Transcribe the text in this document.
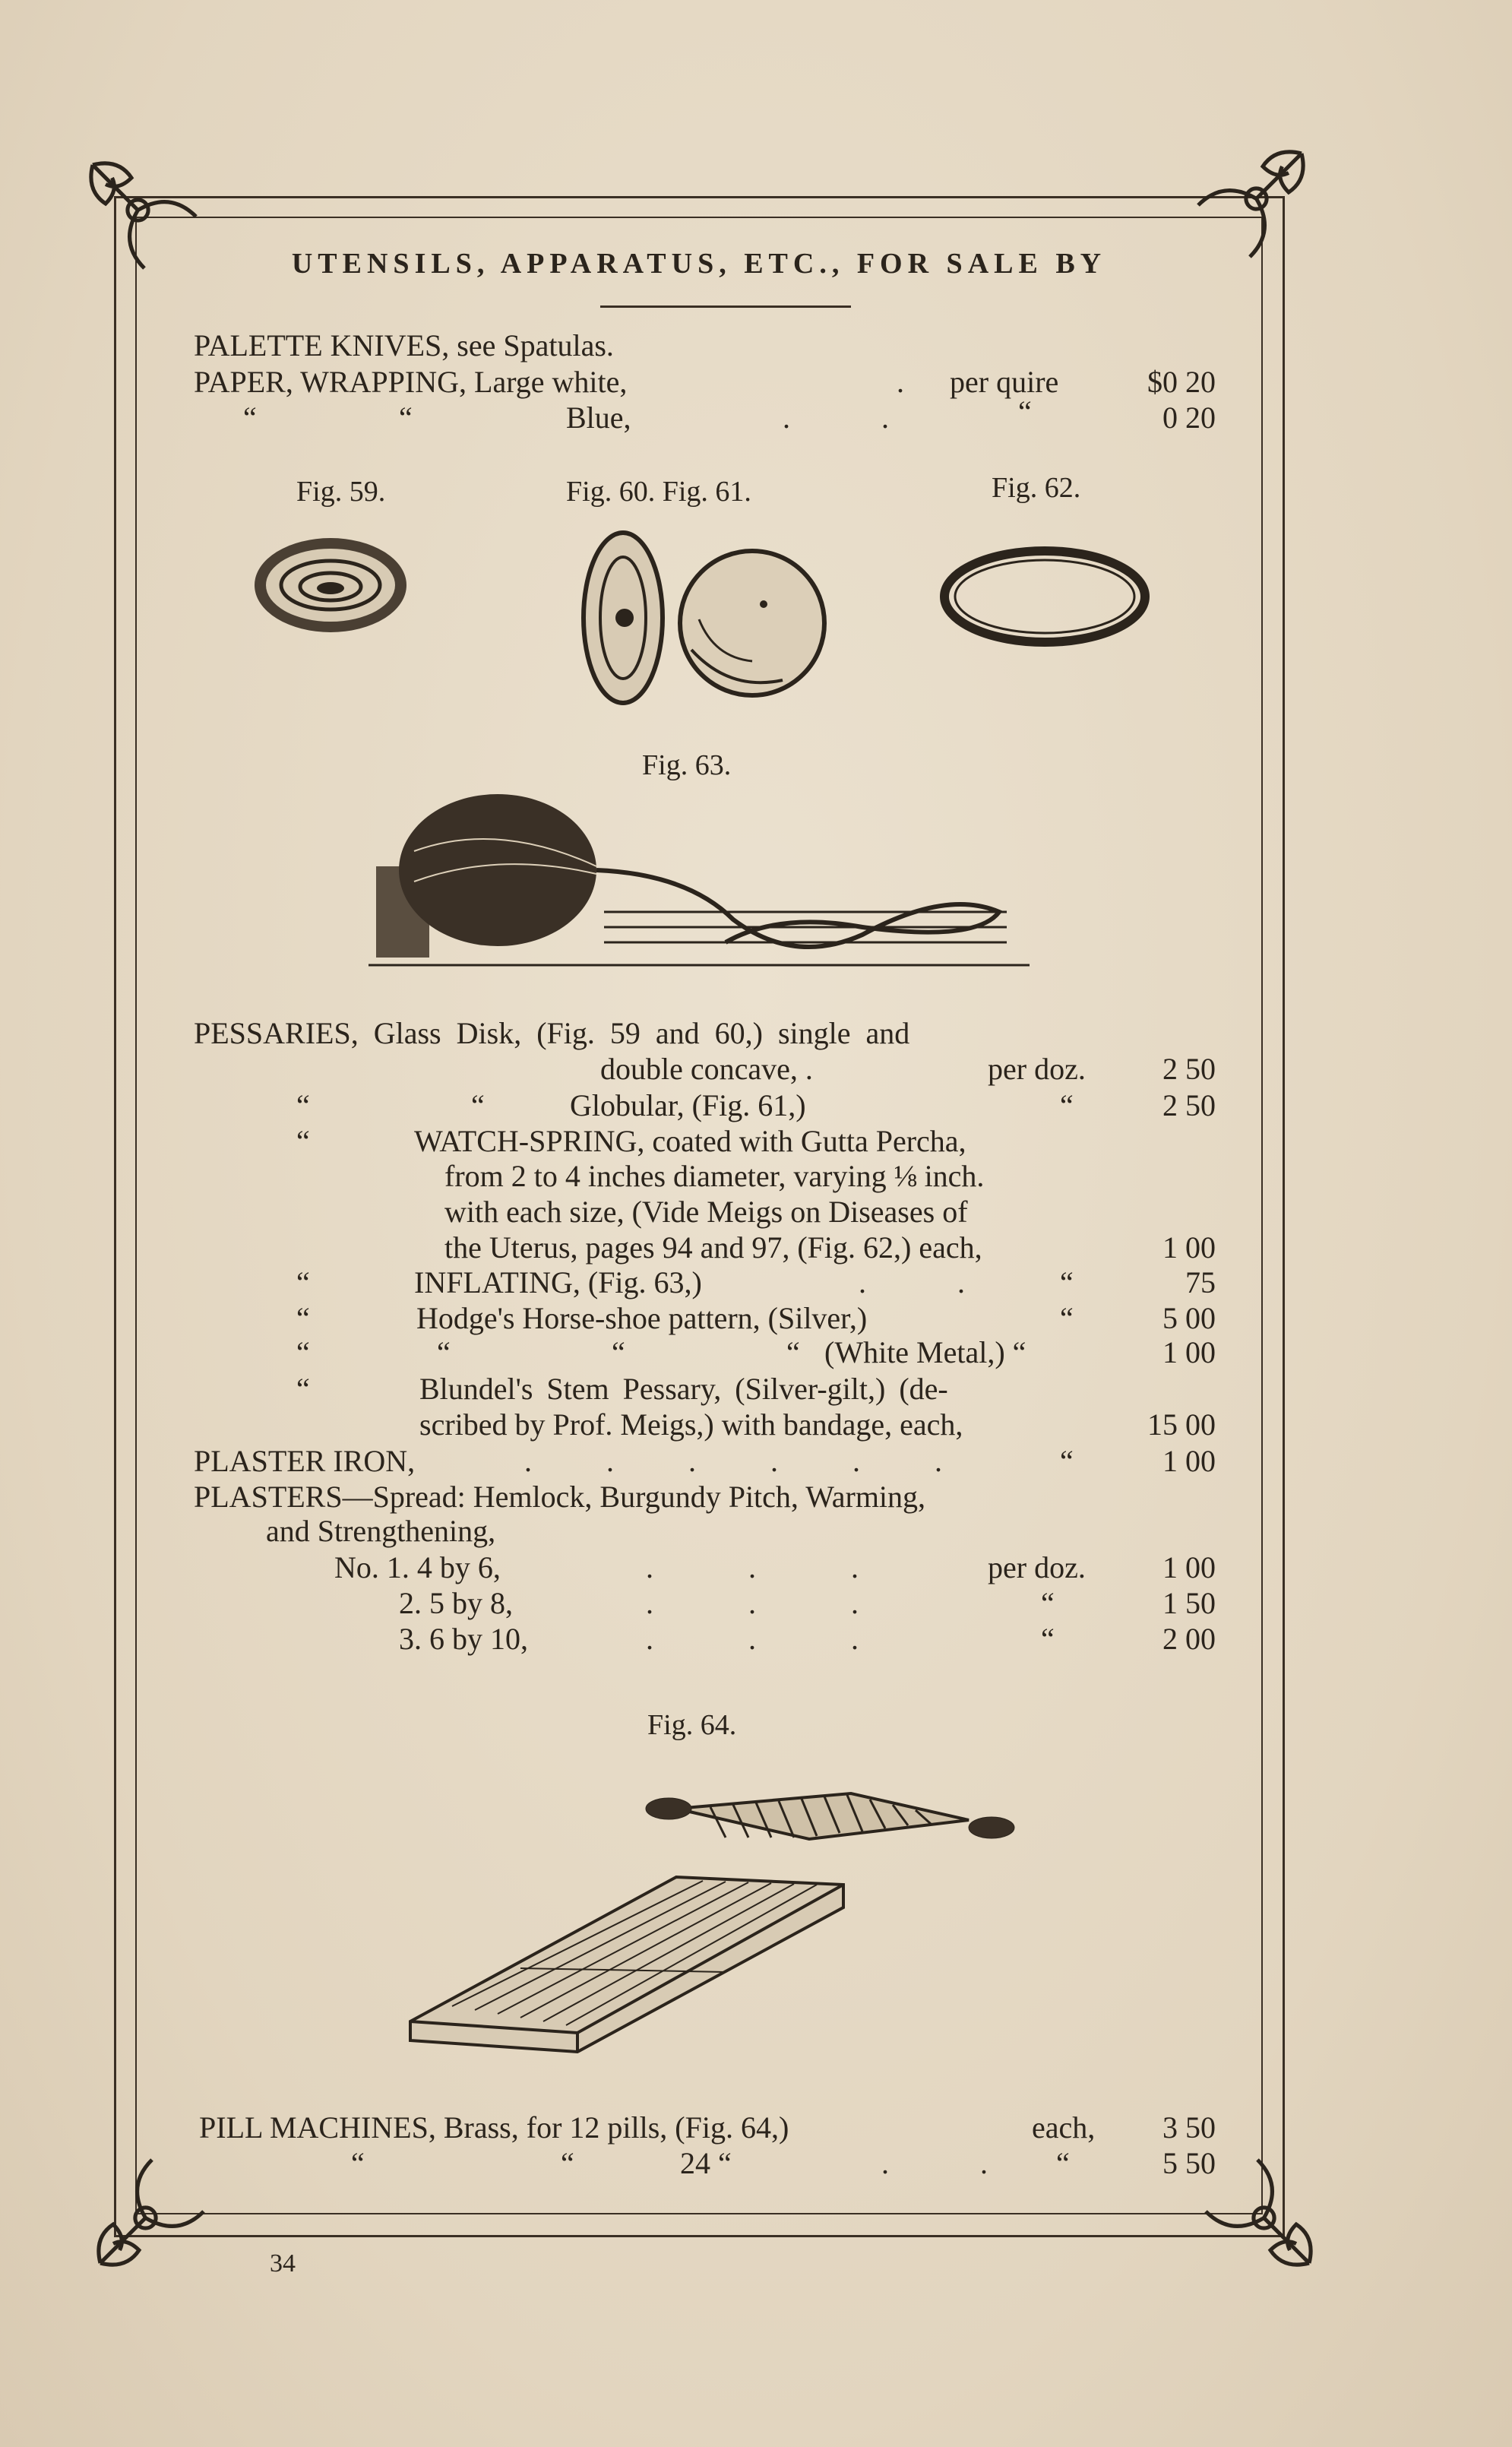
UTENSILS, APPARATUS, ETC., FOR SALE BY
PALETTE KNIVES, see Spatulas.
PAPER, WRAPPING, Large white,	. per quire	$0 20
“	“	Blue,	. .	“	0 20
Fig. 59.	Fig. 60. Fig. 61.	Fig. 62.
Fig. 63.
PESSARIES, Glass Disk, (Fig. 59 and 60,) single and
double concave, .	per doz.	2 50
“	“	Globular, (Fig. 61,)	“	2 50
“	WATCH-SPRING, coated with Gutta Percha,
from 2 to 4 inches diameter, varying ⅛ inch.
with each size, (Vide Meigs on Diseases of
the Uterus, pages 94 and 97, (Fig. 62,) each,	1 00
“	INFLATING, (Fig. 63,)	. .	“	75
“	Hodge's Horse-shoe pattern, (Silver,)	“	5 00
“	“	“	“ (White Metal,) “	1 00
“	Blundel's Stem Pessary, (Silver-gilt,) (de-
scribed by Prof. Meigs,) with bandage, each,	15 00
PLASTER IRON,	. . . . . .	“	1 00
PLASTERS—Spread: Hemlock, Burgundy Pitch, Warming,
and Strengthening,
No. 1. 4 by 6,	. . .	per doz.	1 00
2. 5 by 8,	. . .	“	1 50
3. 6 by 10,	. . .	“	2 00
Fig. 64.
PILL MACHINES, Brass, for 12 pills, (Fig. 64,)	each,	3 50
“	“	24 “	. . “	5 50
34
